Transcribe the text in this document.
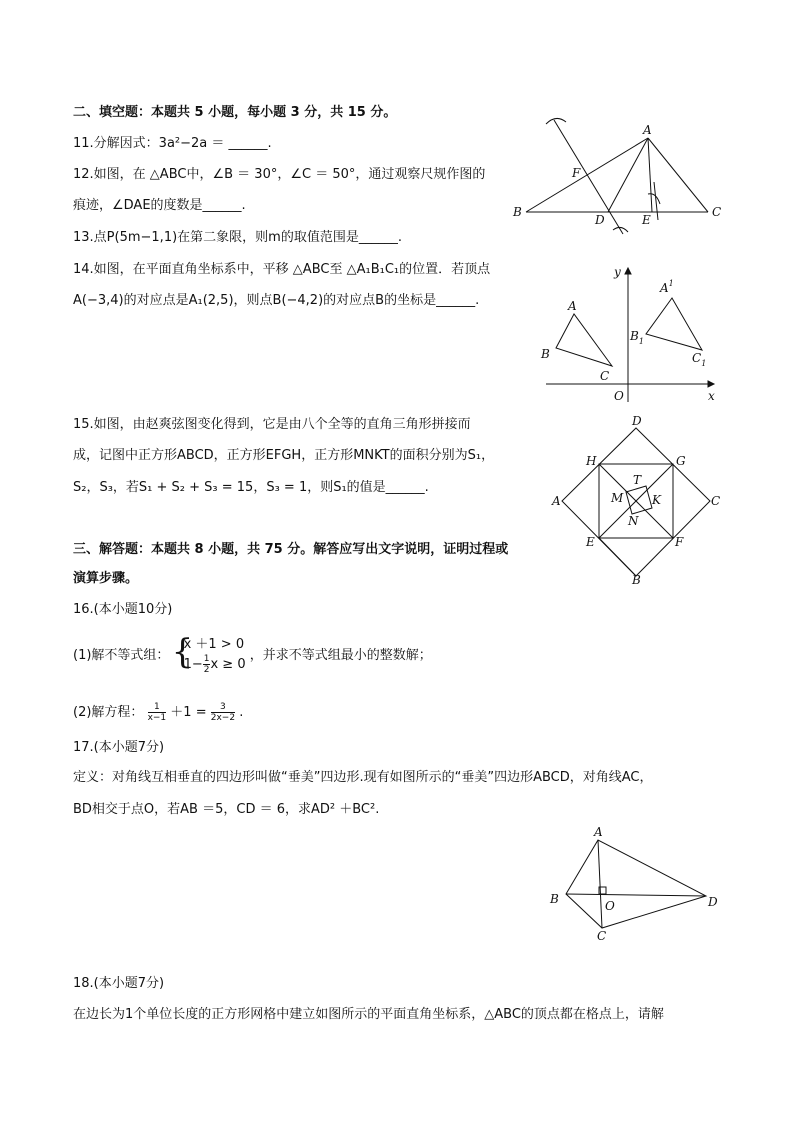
二、填空题：本题共 5 小题，每小题 3 分，共 15 分。
11.分解因式：3a²−2a ＝ ______.
12.如图，在 △ABC中，∠B ＝ 30°，∠C ＝ 50°，通过观察尺规作图的
痕迹，∠DAE的度数是______.
13.点P(5m−1,1)在第二象限，则m的取值范围是______.
14.如图，在平面直角坐标系中，平移 △ABC至 △A₁B₁C₁的位置．若顶点
A(−3,4)的对应点是A₁(2,5)，则点B(−4,2)的对应点B的坐标是______.
15.如图，由赵爽弦图变化得到，它是由八个全等的直角三角形拼接而
成，记图中正方形ABCD，正方形EFGH，正方形MNKT的面积分别为S₁，
S₂，S₃，若S₁ + S₂ + S₃ = 15，S₃ = 1，则S₁的值是______.
三、解答题：本题共 8 小题，共 75 分。解答应写出文字说明，证明过程或
演算步骤。
16.(本小题10分)
(1)解不等式组：
{ x ＋1 > 0
$1- \frac{1}{2}$ x ≥ 0
，并求不等式组最小的整数解；
(2)解方程： $\frac{1}{x-1} +1 = \frac{3}{2x-2}$ .
17.(本小题7分)
定义：对角线互相垂直的四边形叫做“垂美”四边形.现有如图所示的“垂美”四边形ABCD，对角线AC，
BD相交于点O，若AB ＝5，CD ＝ 6，求AD² ＋BC².
18.(本小题7分)
在边长为1个单位长度的正方形网格中建立如图所示的平面直角坐标系，△ABC的顶点都在格点上，请解
A
B	C
D	E
F
y
x
O
A
B
C
$A^1$
$B_1$
$C_1$
D
H	G
A	C
T
M K
N
E	F
B
A
B	O	D
C
